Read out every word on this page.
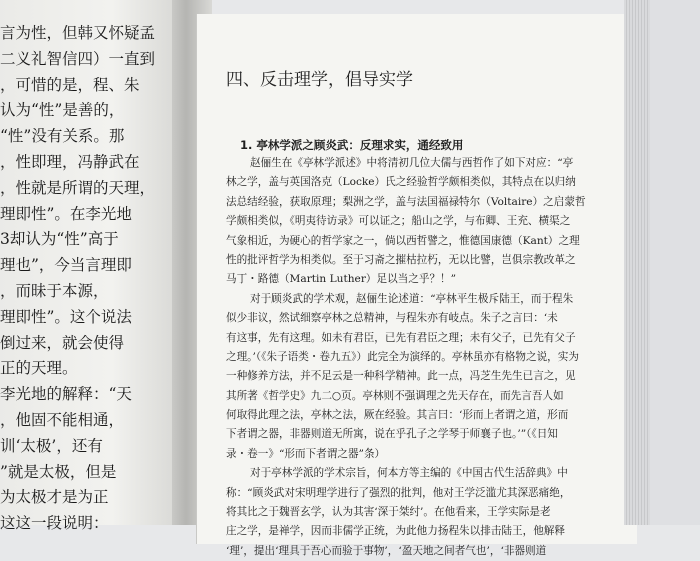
言为性，但韩又怀疑孟
二义礼智信四）一直到
，可惜的是，程、朱
认为“性”是善的，
“性”没有关系。那
，性即理，冯静武在
，性就是所谓的天理，
理即性”。在李光地
3却认为“性”高于
理也”，今当言理即
，而昧于本源，
理即性”。这个说法
倒过来，就会使得
正的天理。
李光地的解释：“天
，他固不能相通，
训‘太极’，还有
”就是太极，但是
为太极才是为正
这这一段说明：
四、反击理学，倡导实学
1. 亭林学派之顾炎武：反理求实，通经致用
赵俪生在《亭林学派述》中将清初几位大儒与西哲作了如下对应：“亭
林之学，盖与英国洛克（Locke）氏之经验哲学颇相类似，其特点在以归纳
法总结经验，获取原理；梨洲之学，盖与法国福禄特尔（Voltaire）之启蒙哲
学颇相类似，《明夷待访录》可以证之；船山之学，与布卿、王充、横渠之
气象相近，为硬心的哲学家之一，倘以西哲譬之，惟德国康德（Kant）之理
性的批评哲学为相类似。至于习斋之摧枯拉朽，无以比譬，岂俱宗教改革之
马丁・路德（Martin Luther）足以当之乎？！”
对于顾炎武的学术观，赵俪生论述道：“亭林平生极斥陆王，而于程朱
似少非议，然试细察亭林之总精神，与程朱亦有岐点。朱子之言曰：‘未
有这事，先有这理。如未有君臣，已先有君臣之理；未有父子，已先有父子
之理。’（《朱子语类・卷九五》）此完全为演绎的。亭林虽亦有格物之说，实为
一种修养方法，并不足云是一种科学精神。此一点，冯芝生先生已言之，见
其所著《哲学史》九二○页。亭林则不强调理之先天存在，而先言吾人如
何取得此理之法，亭林之法，厥在经验。其言曰：‘形而上者谓之道，形而
下者谓之器，非器则道无所寓，说在乎孔子之学琴于师襄子也。’”（《日知
录・卷一》“形而下者谓之器”条）
对于亭林学派的学术宗旨，何本方等主编的《中国古代生活辞典》中
称：“顾炎武对宋明理学进行了强烈的批判，他对王学泛滥尤其深恶痛绝，
将其比之于魏晋玄学，认为其害‘深于桀纣’。在他看来，王学实际是老
庄之学，是禅学，因而非儒学正统，为此他力扬程朱以排击陆王，他解释
‘理’，提出‘理具于吾心而验于事物’，‘盈天地之间者气也’，‘非器则道
